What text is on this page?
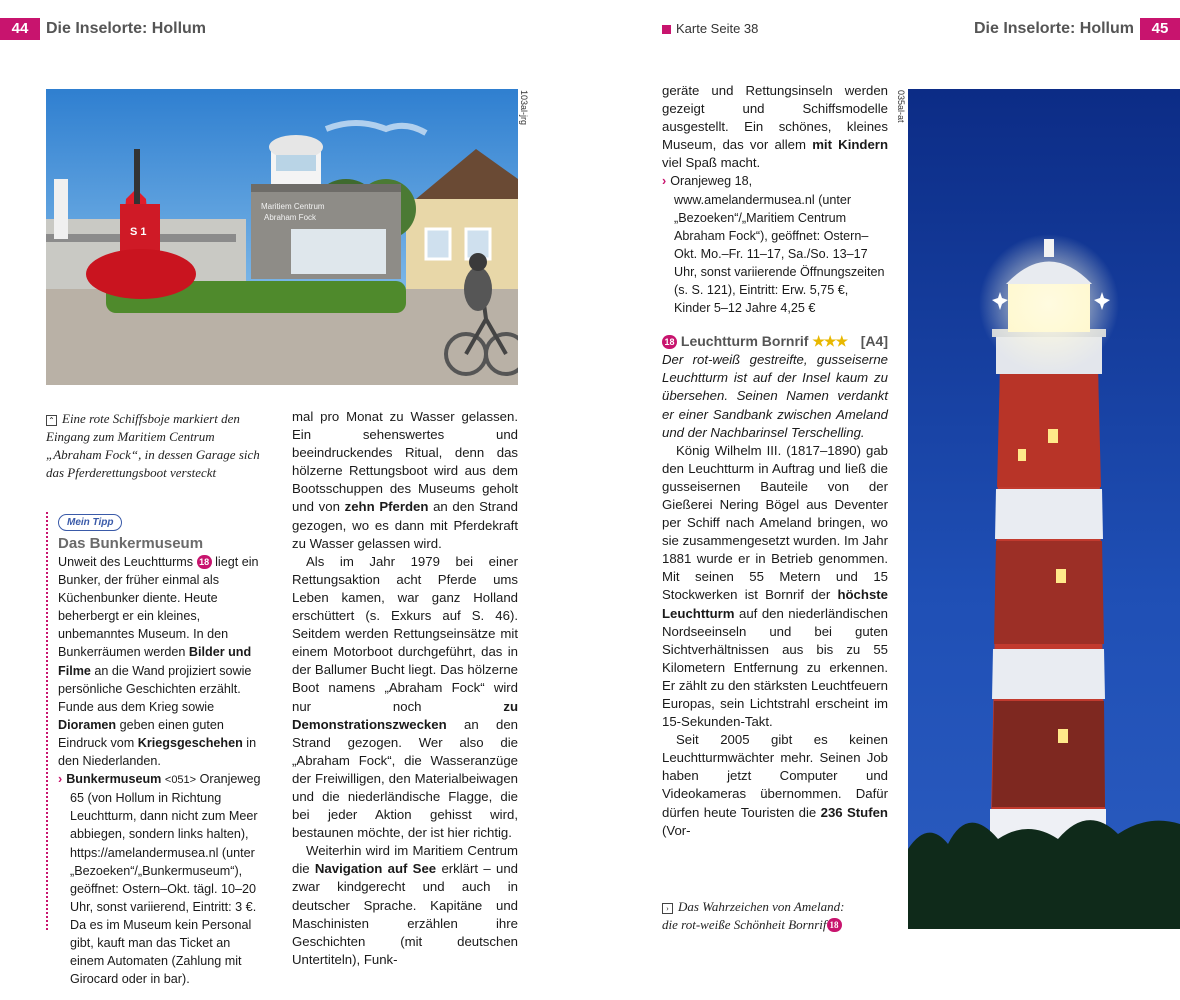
44	Die Inselorte: Hollum	Karte Seite 38	Die Inselorte: Hollum	45
Maritiem Centrum
Abraham Fock
S 1
103al-jrg
⌃ Eine rote Schiffsboje markiert den Eingang zum Maritiem Centrum „Abraham Fock“, in dessen Garage sich das Pferderettungsboot versteckt
Mein Tipp
Das Bunkermuseum
Unweit des Leuchtturms 18 liegt ein Bunker, der früher einmal als Küchenbunker diente. Heute beherbergt er ein kleines, unbemanntes Museum. In den Bunkerräumen werden Bilder und Filme an die Wand projiziert sowie persönliche Geschichten erzählt. Funde aus dem Krieg sowie Dioramen geben einen guten Eindruck vom Kriegsgeschehen in den Niederlanden.
› Bunkermuseum <051> Oranjeweg 65 (von Hollum in Richtung Leuchtturm, dann nicht zum Meer abbiegen, sondern links halten), https://amelandermusea.nl (unter „Bezoeken“/„Bunkermuseum“), geöffnet: Ostern–Okt. tägl. 10–20 Uhr, sonst variierend, Eintritt: 3 €. Da es im Museum kein Personal gibt, kauft man das Ticket an einem Automaten (Zahlung mit Girocard oder in bar).

mal pro Monat zu Wasser gelassen. Ein sehenswertes und beeindruckendes Ritual, denn das hölzerne Rettungsboot wird aus dem Bootsschuppen des Museums geholt und von zehn Pferden an den Strand gezogen, wo es dann mit Pferdekraft zu Wasser gelassen wird.

Als im Jahr 1979 bei einer Rettungsaktion acht Pferde ums Leben kamen, war ganz Holland erschüttert (s. Exkurs auf S. 46). Seitdem werden Rettungseinsätze mit einem Motorboot durchgeführt, das in der Ballumer Bucht liegt. Das hölzerne Boot namens „Abraham Fock“ wird nur noch	zu Demonstrationszwecken an den Strand gezogen. Wer also die „Abraham Fock“, die Wasseranzüge der Freiwilligen, den Materialbeiwagen und die niederländische Flagge, die bei jeder Aktion gehisst wird, bestaunen möchte, der ist hier richtig.

Weiterhin wird im Maritiem Centrum die Navigation auf See erklärt – und zwar kindgerecht und auch in deutscher Sprache. Kapitäne und Maschinisten erzählen ihre Geschichten (mit deutschen Untertiteln), Funk-

geräte und Rettungsinseln werden gezeigt und Schiffsmodelle ausgestellt. Ein schönes, kleines Museum, das vor allem mit Kindern viel Spaß macht.

› Oranjeweg 18, www.amelandermusea.nl (unter „Bezoeken“/„Maritiem Centrum Abraham Fock“), geöffnet: Ostern–Okt. Mo.–Fr. 11–17, Sa./So. 13–17 Uhr, sonst variierende Öffnungszeiten (s. S. 121), Eintritt: Erw. 5,75 €, Kinder 5–12 Jahre 4,25 €

18 Leuchtturm Bornrif ★★★ [A4]

Der rot-weiß gestreifte, gusseiserne Leuchtturm ist auf der Insel kaum zu übersehen. Seinen Namen verdankt er einer Sandbank zwischen Ameland und der Nachbarinsel Terschelling.

König Wilhelm III. (1817–1890) gab den Leuchtturm in Auftrag und ließ die gusseisernen Bauteile von der Gießerei Nering Bögel aus Deventer per Schiff nach Ameland bringen, wo sie zusammengesetzt wurden. Im Jahr 1881 wurde er in Betrieb genommen. Mit seinen 55 Metern und 15 Stockwerken ist Bornrif der höchste Leuchtturm auf den niederländischen Nordseeinseln und bei guten Sichtverhältnissen aus bis zu 55 Kilometern Entfernung zu erkennen. Er zählt zu den stärksten Leuchtfeuern Europas, sein Lichtstrahl erscheint im 15-Sekunden-Takt.

Seit 2005 gibt es keinen Leuchtturmwächter mehr. Seinen Job haben jetzt Computer und Videokameras übernommen. Dafür dürfen heute Touristen die 236 Stufen (Vor-

› Das Wahrzeichen von Ameland:
die rot-weiße Schönheit Bornrif 18
035al-at
